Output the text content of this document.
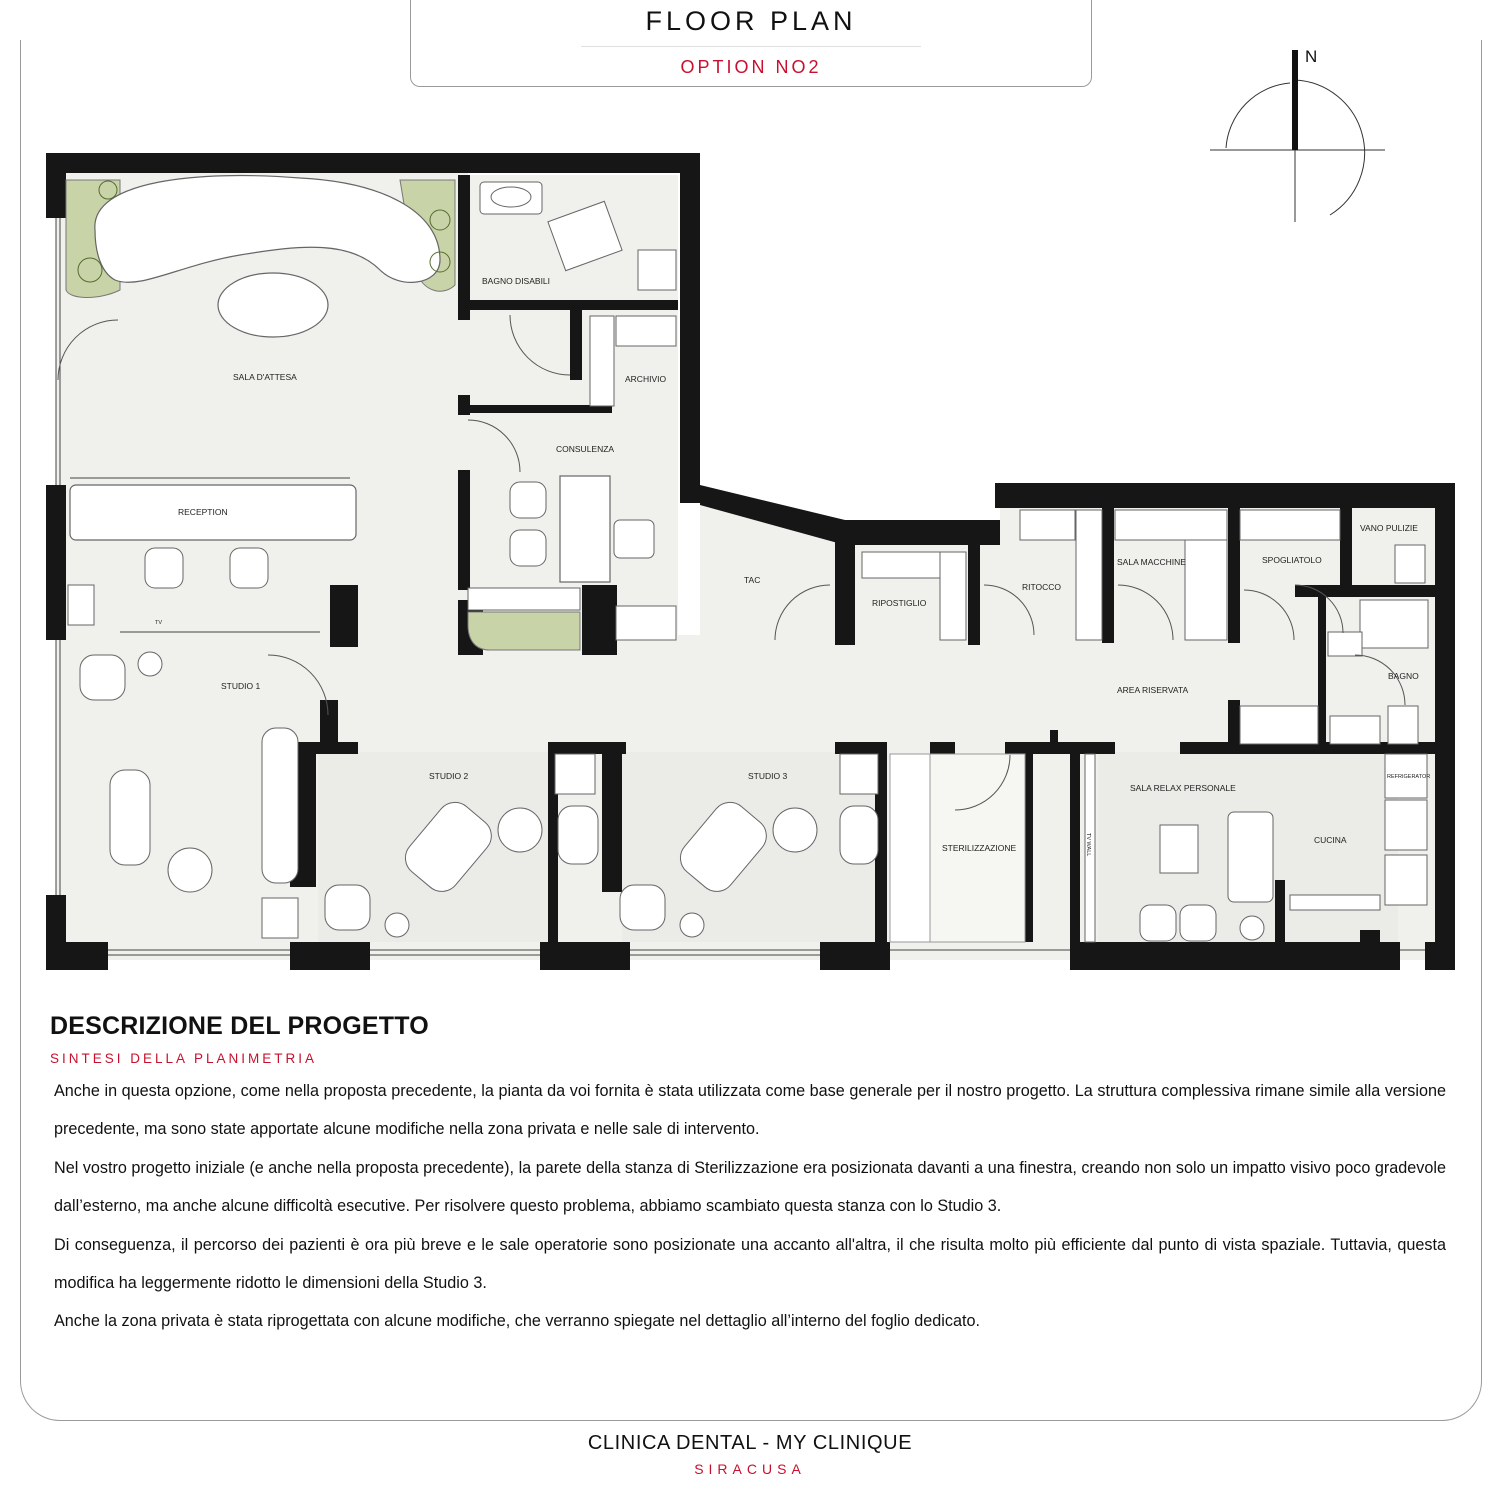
FLOOR PLAN
OPTION NO2
N
SALA D'ATTESA
BAGNO DISABILI
ARCHIVIO
CONSULENZA
RECEPTION
STUDIO 1
STUDIO 2	STUDIO 3
TAC
RIPOSTIGLIO
RITOCCO
SALA MACCHINE	SPOGLIATOLO
VANO PULIZIE
BAGNO
AREA RISERVATA
STERILIZZAZIONE
SALA RELAX PERSONALE
CUCINA
REFRIGERATOR
TV WALL
TV
DESCRIZIONE DEL PROGETTO
SINTESI DELLA PLANIMETRIA

Anche in questa opzione, come nella proposta precedente, la pianta da voi fornita è stata utilizzata come base generale per il nostro progetto. La struttura complessiva rimane simile alla versione precedente, ma sono state apportate alcune modifiche nella zona privata e nelle sale di intervento.

Nel vostro progetto iniziale (e anche nella proposta precedente), la parete della stanza di Sterilizzazione era posizionata davanti a una finestra, creando non solo un impatto visivo poco gradevole dall’esterno, ma anche alcune difficoltà esecutive. Per risolvere questo problema, abbiamo scambiato questa stanza con lo Studio 3.

Di conseguenza, il percorso dei pazienti è ora più breve e le sale operatorie sono posizionate una accanto all'altra, il che risulta molto più efficiente dal punto di vista spaziale. Tuttavia, questa modifica ha leggermente ridotto le dimensioni della Studio 3.

Anche la zona privata è stata riprogettata con alcune modifiche, che verranno spiegate nel dettaglio all’interno del foglio dedicato.

CLINICA DENTAL - MY CLINIQUE
SIRACUSA
